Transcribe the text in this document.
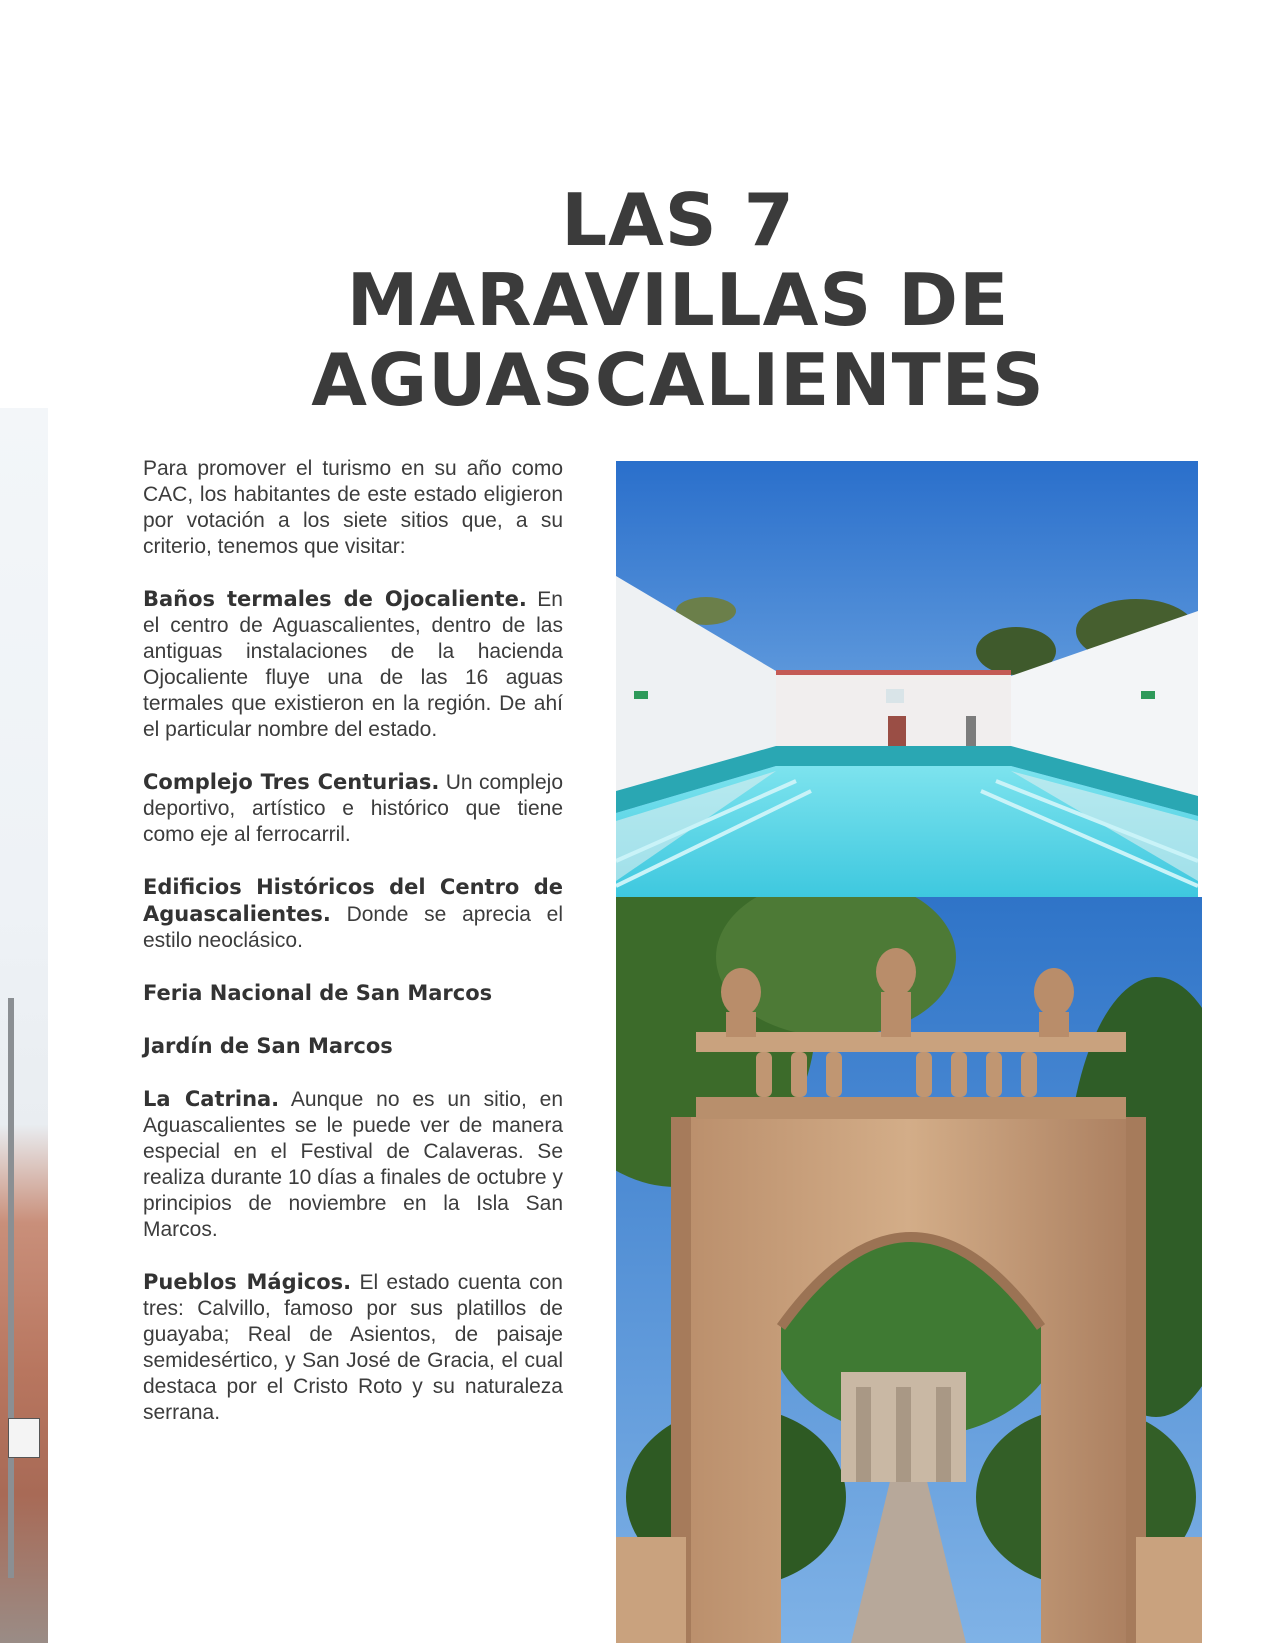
LAS 7
MARAVILLAS DE
AGUASCALIENTES

Para promover el turismo en su año como CAC, los habitantes de este estado eligieron por votación a los siete sitios que, a su criterio, tenemos que visitar:

Baños termales de Ojocaliente. En el centro de Aguascalientes, dentro de las antiguas instalaciones de la hacienda Ojocaliente fluye una de las 16 aguas termales que existieron en la región. De ahí el particular nombre del estado.

Complejo Tres Centurias. Un complejo deportivo, artístico e histórico que tiene como eje al ferrocarril.

Edificios Históricos del Centro de Aguascalientes. Donde se aprecia el estilo neoclásico.

Feria Nacional de San Marcos

Jardín de San Marcos

La Catrina. Aunque no es un sitio, en Aguascalientes se le puede ver de manera especial en el Festival de Calaveras. Se realiza durante 10 días a finales de octubre y principios de noviembre en la Isla San Marcos.

Pueblos Mágicos. El estado cuenta con tres: Calvillo, famoso por sus platillos de guayaba; Real de Asientos, de paisaje semidesértico, y San José de Gracia, el cual destaca por el Cristo Roto y su naturaleza serrana.
